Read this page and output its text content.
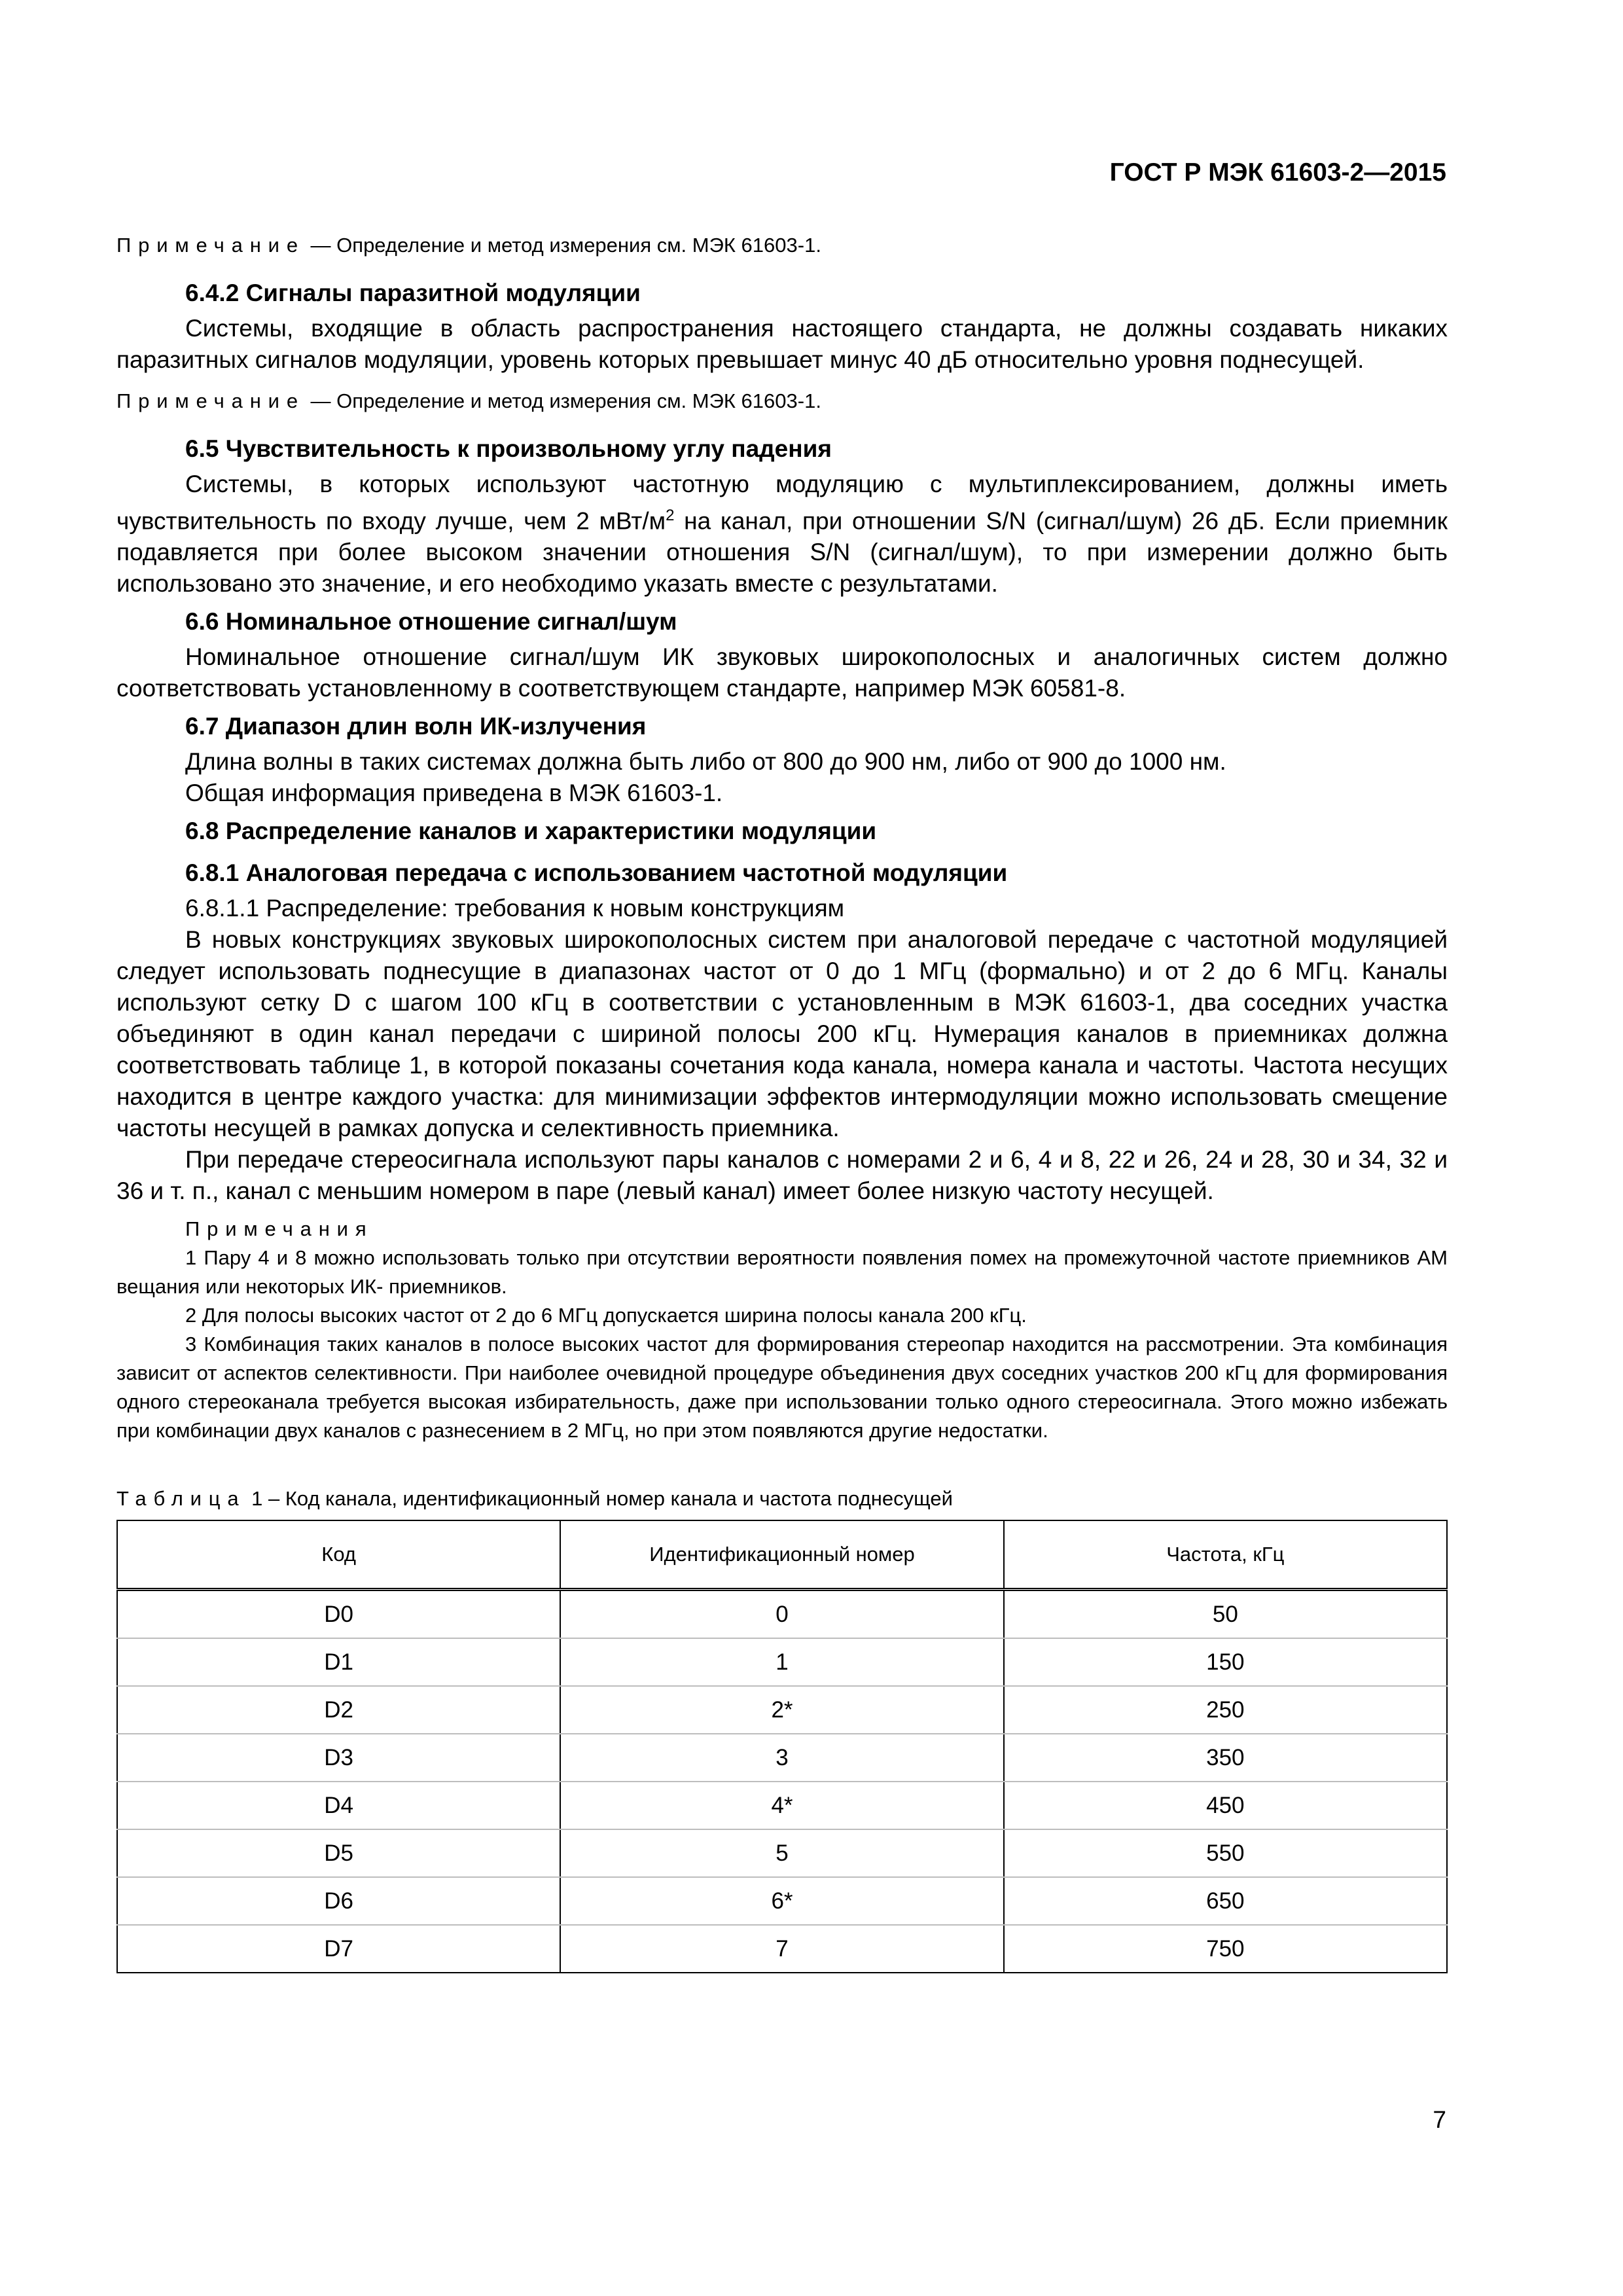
ГОСТ Р МЭК 61603-2—2015

Примечание — Определение и метод измерения см. МЭК 61603-1.

6.4.2 Сигналы паразитной модуляции

Системы, входящие в область распространения настоящего стандарта, не должны создавать никаких паразитных сигналов модуляции, уровень которых превышает минус 40 дБ относительно уровня поднесущей.

Примечание — Определение и метод измерения см. МЭК 61603-1.

6.5 Чувствительность к произвольному углу падения

Системы, в которых используют частотную модуляцию с мультиплексированием, должны иметь чувствительность по входу лучше, чем 2 мВт/$м^2$ на канал, при отношении S/N (сигнал/шум) 26 дБ. Если приемник подавляется при более высоком значении отношения S/N (сигнал/шум), то при измерении должно быть использовано это значение, и его необходимо указать вместе с результатами.

6.6 Номинальное отношение сигнал/шум

Номинальное отношение сигнал/шум ИК звуковых широкополосных и аналогичных систем должно соответствовать установленному в соответствующем стандарте, например МЭК 60581-8.

6.7 Диапазон длин волн ИК-излучения

Длина волны в таких системах должна быть либо от 800 до 900 нм, либо от 900 до 1000 нм.

Общая информация приведена в МЭК 61603-1.

6.8 Распределение каналов и характеристики модуляции

6.8.1 Аналоговая передача с использованием частотной модуляции

6.8.1.1 Распределение: требования к новым конструкциям

В новых конструкциях звуковых широкополосных систем при аналоговой передаче с частотной модуляцией следует использовать поднесущие в диапазонах частот от 0 до 1 МГц (формально) и от 2 до 6 МГц. Каналы используют сетку D с шагом 100 кГц в соответствии с установленным в МЭК 61603-1, два соседних участка объединяют в один канал передачи с шириной полосы 200 кГц. Нумерация каналов в приемниках должна соответствовать таблице 1, в которой показаны сочетания кода канала, номера канала и частоты. Частота несущих находится в центре каждого участка: для минимизации эффектов интермодуляции можно использовать смещение частоты несущей в рамках допуска и селективность приемника.

При передаче стереосигнала используют пары каналов с номерами 2 и 6, 4 и 8, 22 и 26, 24 и 28, 30 и 34, 32 и 36 и т. п., канал с меньшим номером в паре (левый канал) имеет более низкую частоту несущей.

Примечания

1 Пару 4 и 8 можно использовать только при отсутствии вероятности появления помех на промежуточной частоте приемников АМ вещания или некоторых ИК- приемников.

2 Для полосы высоких частот от 2 до 6 МГц допускается ширина полосы канала 200 кГц.

3 Комбинация таких каналов в полосе высоких частот для формирования стереопар находится на рассмотрении. Эта комбинация зависит от аспектов селективности. При наиболее очевидной процедуре объединения двух соседних участков 200 кГц для формирования одного стереоканала требуется высокая избирательность, даже при использовании только одного стереосигнала. Этого можно избежать при комбинации двух каналов с разнесением в 2 МГц, но при этом появляются другие недостатки.

Таблица 1 – Код канала, идентификационный номер канала и частота поднесущей

Код	Идентификационный номер	Частота, кГц
D0	0	50
D1	1	150
D2	2*	250
D3	3	350
D4	4*	450
D5	5	550
D6	6*	650
D7	7	750
7
